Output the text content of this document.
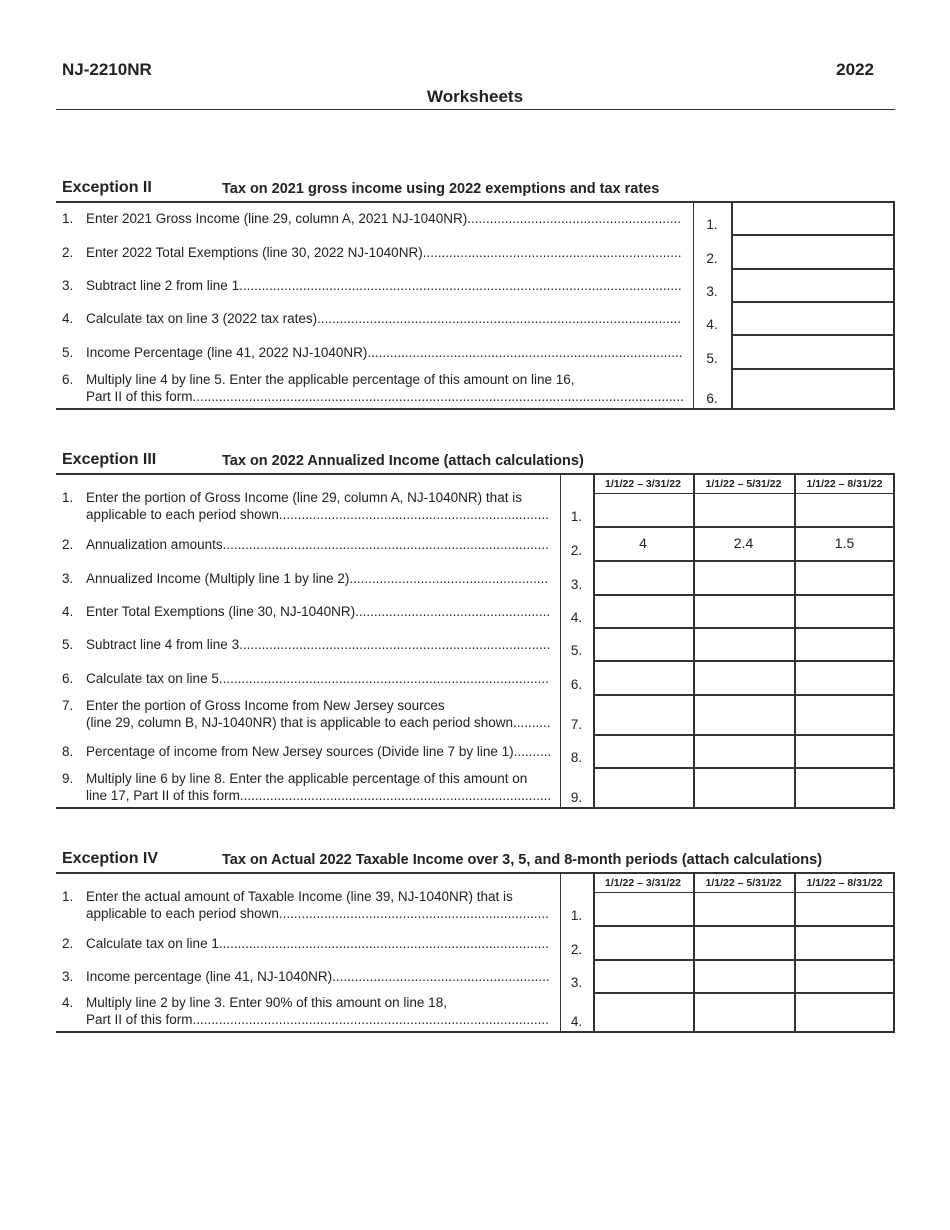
NJ-2210NR	2022
Worksheets
Exception II	Tax on 2021 gross income using 2022 exemptions and tax rates
1. Enter 2021 Gross Income (line 29, column A, 2021 NJ-1040NR).........................................................	1.
2. Enter 2022 Total Exemptions (line 30, 2022 NJ-1040NR).....................................................................	2.
3. Subtract line 2 from line 1......................................................................................................................	3.
4. Calculate tax on line 3 (2022 tax rates).................................................................................................	4.
5. Income Percentage (line 41, 2022 NJ-1040NR)....................................................................................	5.
6. Multiply line 4 by line 5. Enter the applicable percentage of this amount on line 16,
Part II of this form...................................................................................................................................	6.
Exception III	Tax on 2022 Annualized Income (attach calculations)
1/1/22 – 3/31/22	1/1/22 – 5/31/22	1/1/22 – 8/31/22
1. Enter the portion of Gross Income (line 29, column A, NJ-1040NR) that is
applicable to each period shown........................................................................	1.
2. Annualization amounts.......................................................................................	2.	4	2.4	1.5
3. Annualized Income (Multiply line 1 by line 2).....................................................	3.
4. Enter Total Exemptions (line 30, NJ-1040NR)....................................................	4.
5. Subtract line 4 from line 3...................................................................................	5.
6. Calculate tax on line 5........................................................................................	6.
7. Enter the portion of Gross Income from New Jersey sources
(line 29, column B, NJ-1040NR) that is applicable to each period shown..........	7.
8. Percentage of income from New Jersey sources (Divide line 7 by line 1)..........	8.
9. Multiply line 6 by line 8. Enter the applicable percentage of this amount on
line 17, Part II of this form...................................................................................	9.
Exception IV	Tax on Actual 2022 Taxable Income over 3, 5, and 8-month periods (attach calculations)
1/1/22 – 3/31/22	1/1/22 – 5/31/22	1/1/22 – 8/31/22
1. Enter the actual amount of Taxable Income (line 39, NJ-1040NR) that is
applicable to each period shown........................................................................	1.
2. Calculate tax on line 1........................................................................................	2.
3. Income percentage (line 41, NJ-1040NR)..........................................................	3.
4. Multiply line 2 by line 3. Enter 90% of this amount on line 18,
Part II of this form...............................................................................................	4.
